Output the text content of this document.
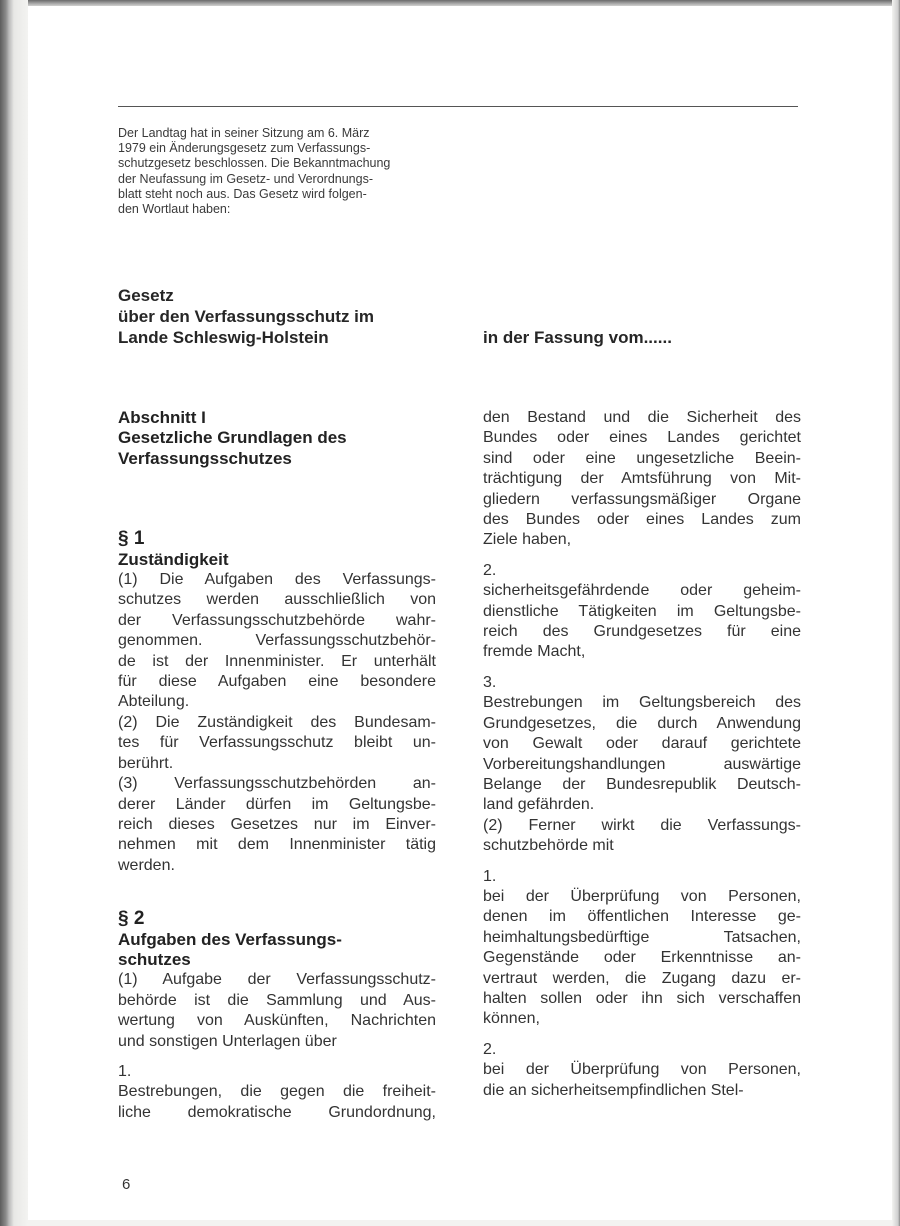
Der Landtag hat in seiner Sitzung am 6. März
1979 ein Änderungsgesetz zum Verfassungs-
schutzgesetz beschlossen. Die Bekanntmachung
der Neufassung im Gesetz- und Verordnungs-
blatt steht noch aus. Das Gesetz wird folgen-
den Wortlaut haben:
Gesetz
über den Verfassungsschutz im
Lande Schleswig-Holstein	in der Fassung vom......
Abschnitt I
Gesetzliche Grundlagen des
Verfassungsschutzes
§ 1
Zuständigkeit
(1) Die Aufgaben des Verfassungs-
schutzes werden ausschließlich von
der Verfassungsschutzbehörde wahr-
genommen. Verfassungsschutzbehör-
de ist der Innenminister. Er unterhält
für diese Aufgaben eine besondere
Abteilung.
(2) Die Zuständigkeit des Bundesam-
tes für Verfassungsschutz bleibt un-
berührt.
(3) Verfassungsschutzbehörden an-
derer Länder dürfen im Geltungsbe-
reich dieses Gesetzes nur im Einver-
nehmen mit dem Innenminister tätig
werden.
§ 2
Aufgaben des Verfassungs-
schutzes
(1) Aufgabe der Verfassungsschutz-
behörde ist die Sammlung und Aus-
wertung von Auskünften, Nachrichten
und sonstigen Unterlagen über
1.
Bestrebungen, die gegen die freiheit-
liche demokratische Grundordnung,
den Bestand und die Sicherheit des
Bundes oder eines Landes gerichtet
sind oder eine ungesetzliche Beein-
trächtigung der Amtsführung von Mit-
gliedern verfassungsmäßiger Organe
des Bundes oder eines Landes zum
Ziele haben,
2.
sicherheitsgefährdende oder geheim-
dienstliche Tätigkeiten im Geltungsbe-
reich des Grundgesetzes für eine
fremde Macht,
3.
Bestrebungen im Geltungsbereich des
Grundgesetzes, die durch Anwendung
von Gewalt oder darauf gerichtete
Vorbereitungshandlungen auswärtige
Belange der Bundesrepublik Deutsch-
land gefährden.
(2) Ferner wirkt die Verfassungs-
schutzbehörde mit
1.
bei der Überprüfung von Personen,
denen im öffentlichen Interesse ge-
heimhaltungsbedürftige Tatsachen,
Gegenstände oder Erkenntnisse an-
vertraut werden, die Zugang dazu er-
halten sollen oder ihn sich verschaffen
können,
2.
bei der Überprüfung von Personen,
die an sicherheitsempfindlichen Stel-
6
